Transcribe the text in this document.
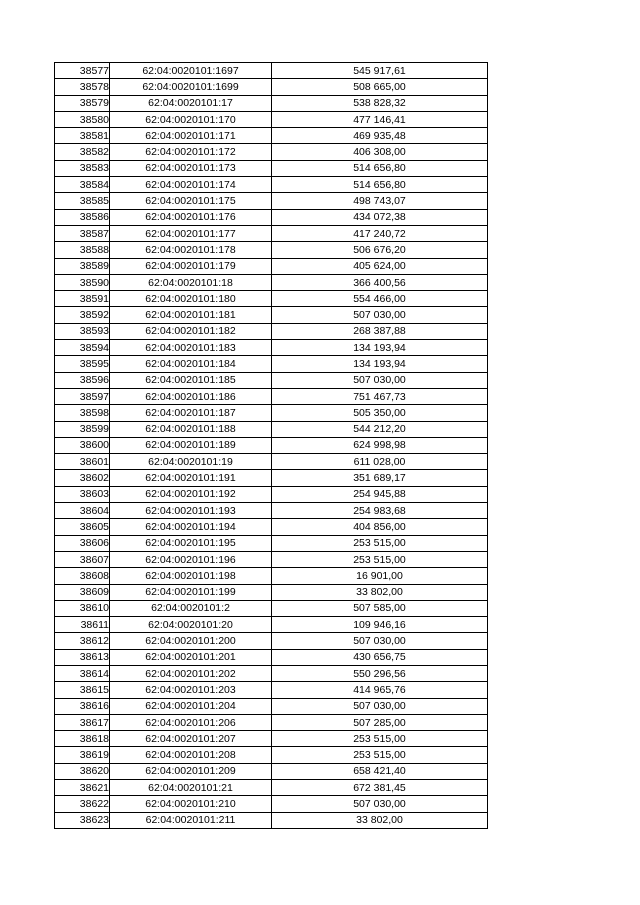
38577	62:04:0020101:1697	545 917,61
38578	62:04:0020101:1699	508 665,00
38579	62:04:0020101:17	538 828,32
38580	62:04:0020101:170	477 146,41
38581	62:04:0020101:171	469 935,48
38582	62:04:0020101:172	406 308,00
38583	62:04:0020101:173	514 656,80
38584	62:04:0020101:174	514 656,80
38585	62:04:0020101:175	498 743,07
38586	62:04:0020101:176	434 072,38
38587	62:04:0020101:177	417 240,72
38588	62:04:0020101:178	506 676,20
38589	62:04:0020101:179	405 624,00
38590	62:04:0020101:18	366 400,56
38591	62:04:0020101:180	554 466,00
38592	62:04:0020101:181	507 030,00
38593	62:04:0020101:182	268 387,88
38594	62:04:0020101:183	134 193,94
38595	62:04:0020101:184	134 193,94
38596	62:04:0020101:185	507 030,00
38597	62:04:0020101:186	751 467,73
38598	62:04:0020101:187	505 350,00
38599	62:04:0020101:188	544 212,20
38600	62:04:0020101:189	624 998,98
38601	62:04:0020101:19	611 028,00
38602	62:04:0020101:191	351 689,17
38603	62:04:0020101:192	254 945,88
38604	62:04:0020101:193	254 983,68
38605	62:04:0020101:194	404 856,00
38606	62:04:0020101:195	253 515,00
38607	62:04:0020101:196	253 515,00
38608	62:04:0020101:198	16 901,00
38609	62:04:0020101:199	33 802,00
38610	62:04:0020101:2	507 585,00
38611	62:04:0020101:20	109 946,16
38612	62:04:0020101:200	507 030,00
38613	62:04:0020101:201	430 656,75
38614	62:04:0020101:202	550 296,56
38615	62:04:0020101:203	414 965,76
38616	62:04:0020101:204	507 030,00
38617	62:04:0020101:206	507 285,00
38618	62:04:0020101:207	253 515,00
38619	62:04:0020101:208	253 515,00
38620	62:04:0020101:209	658 421,40
38621	62:04:0020101:21	672 381,45
38622	62:04:0020101:210	507 030,00
38623	62:04:0020101:211	33 802,00
